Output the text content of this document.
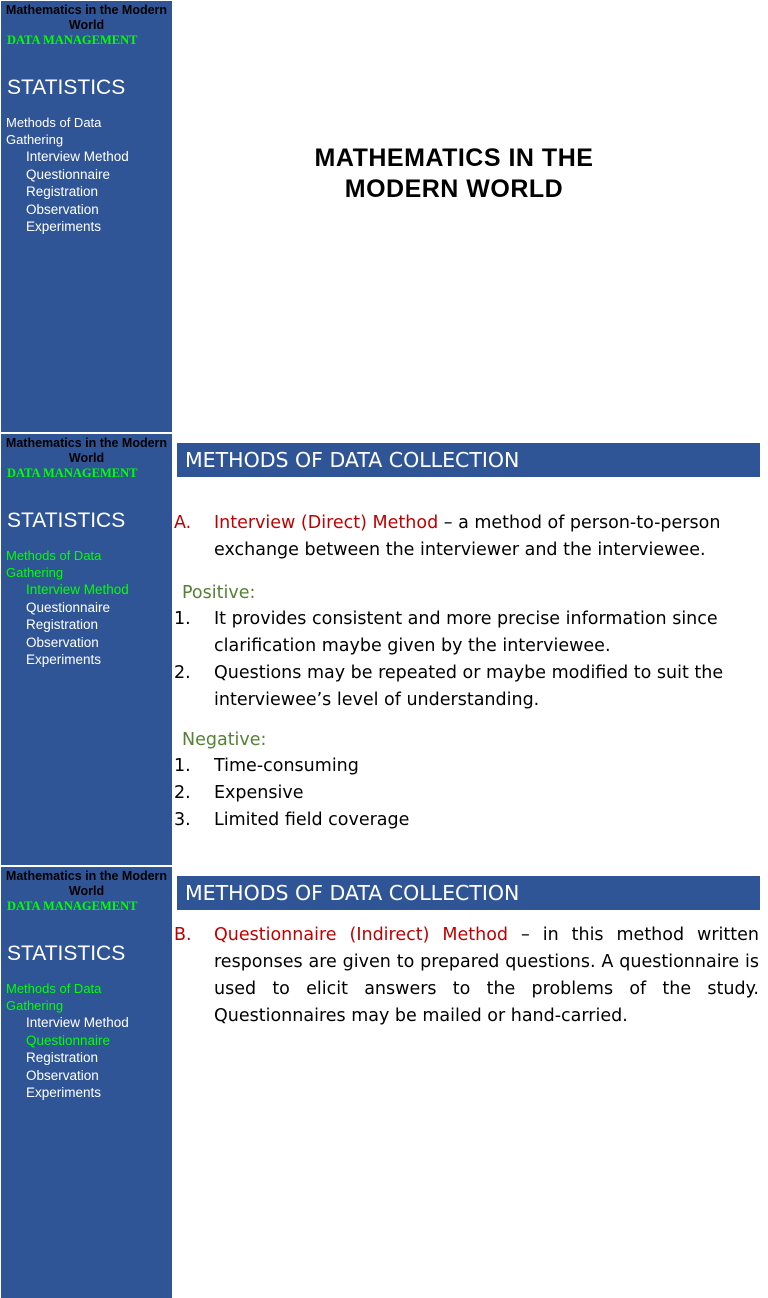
Mathematics in the Modern World
DATA MANAGEMENT
STATISTICS
Methods of Data Gathering
Interview Method
Questionnaire
Registration
Observation
Experiments
MATHEMATICS IN THE
MODERN WORLD
Mathematics in the Modern World
DATA MANAGEMENT
STATISTICS
Methods of Data Gathering
Interview Method
Questionnaire
Registration
Observation
Experiments
METHODS OF DATA COLLECTION
A. Interview (Direct) Method – a method of person-to-person exchange between the interviewer and the interviewee.
Positive:
1. It provides consistent and more precise information since clarification maybe given by the interviewee.
2. Questions may be repeated or maybe modified to suit the interviewee’s level of understanding.
Negative:
1. Time-consuming
2. Expensive
3. Limited field coverage
Mathematics in the Modern World
DATA MANAGEMENT
STATISTICS
Methods of Data Gathering
Interview Method
Questionnaire
Registration
Observation
Experiments
METHODS OF DATA COLLECTION
B. Questionnaire (Indirect) Method – in this method written responses are given to prepared questions. A questionnaire is used to elicit answers to the problems of the study. Questionnaires may be mailed or hand-carried.
